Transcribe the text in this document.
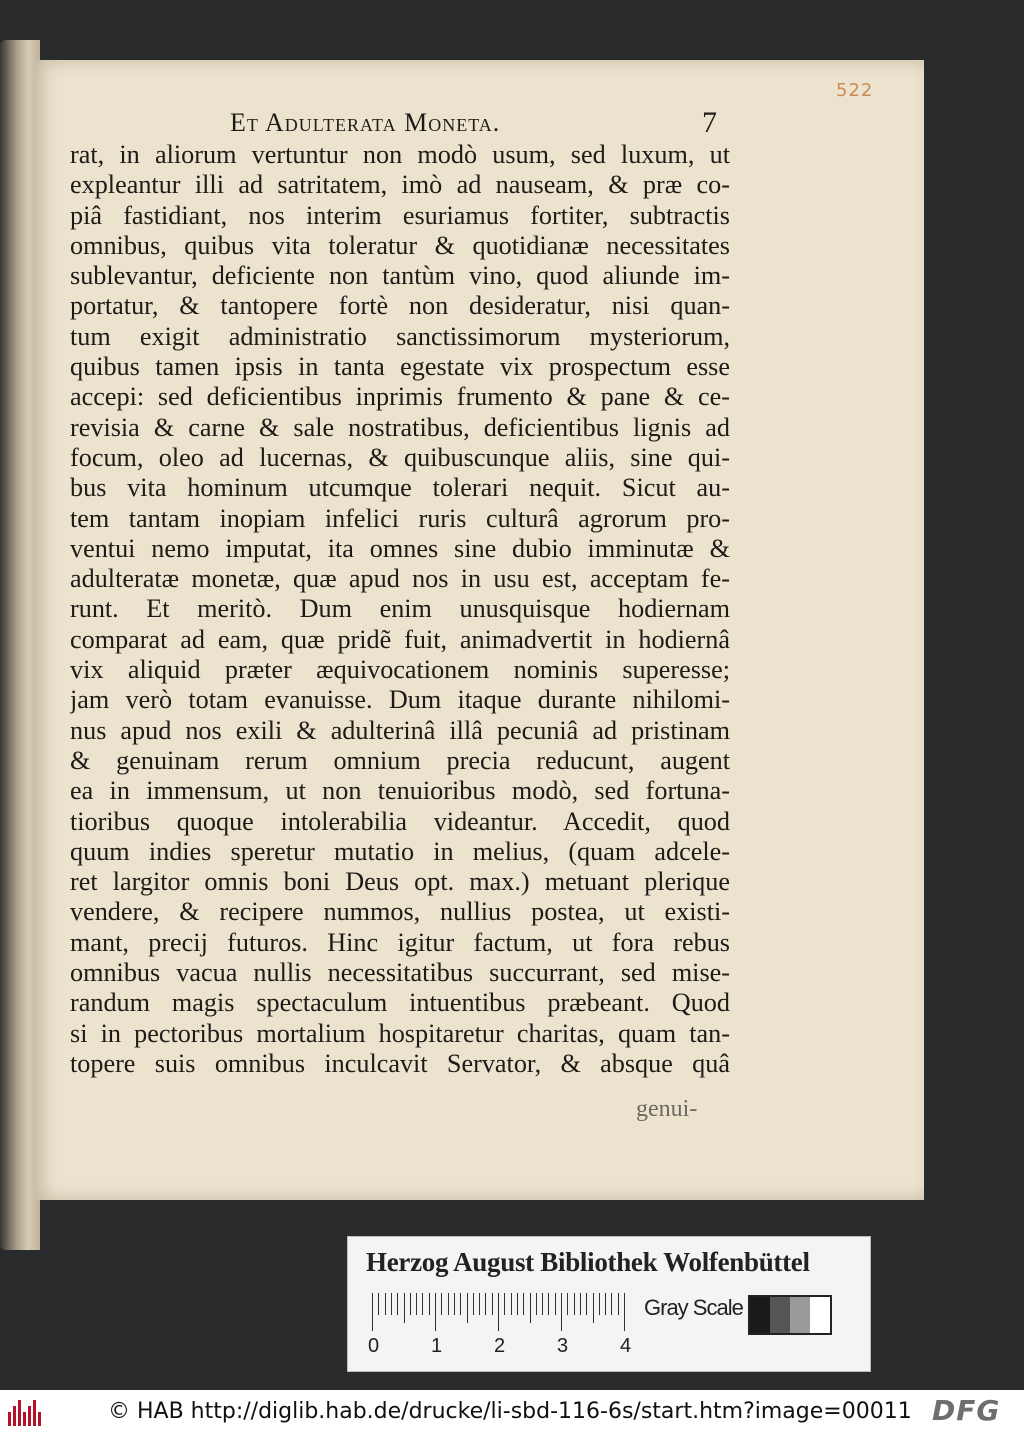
522
Et Adulterata Moneta.	7
rat, in aliorum vertuntur non modò usum, sed luxum, ut
expleantur illi ad satritatem, imò ad nauseam, & præ co-
piâ fastidiant, nos interim esuriamus fortiter, subtractis
omnibus, quibus vita toleratur & quotidianæ necessitates
sublevantur, deficiente non tantùm vino, quod aliunde im-
portatur, & tantopere fortè non desideratur, nisi quan-
tum exigit administratio sanctissimorum mysteriorum,
quibus tamen ipsis in tanta egestate vix prospectum esse
accepi: sed deficientibus inprimis frumento & pane & ce-
revisia & carne & sale nostratibus, deficientibus lignis ad
focum, oleo ad lucernas, & quibuscunque aliis, sine qui-
bus vita hominum utcumque tolerari nequit. Sicut au-
tem tantam inopiam infelici ruris culturâ agrorum pro-
ventui nemo imputat, ita omnes sine dubio imminutæ &
adulteratæ monetæ, quæ apud nos in usu est, acceptam fe-
runt. Et meritò. Dum enim unusquisque hodiernam
comparat ad eam, quæ pridẽ fuit, animadvertit in hodiernâ
vix aliquid præter æquivocationem nominis superesse;
jam verò totam evanuisse. Dum itaque durante nihilomi-
nus apud nos exili & adulterinâ illâ pecuniâ ad pristinam
& genuinam rerum omnium precia reducunt, augent
ea in immensum, ut non tenuioribus modò, sed fortuna-
tioribus quoque intolerabilia videantur. Accedit, quod
quum indies speretur mutatio in melius, (quam adcele-
ret largitor omnis boni Deus opt. max.) metuant plerique
vendere, & recipere nummos, nullius postea, ut existi-
mant, precij futuros. Hinc igitur factum, ut fora rebus
omnibus vacua nullis necessitatibus succurrant, sed mise-
randum magis spectaculum intuentibus præbeant. Quod
si in pectoribus mortalium hospitaretur charitas, quam tan-
topere suis omnibus inculcavit Servator, & absque quâ
genui-
Herzog August Bibliothek Wolfenbüttel
0	1	2	3	4
Gray Scale
© HAB http://diglib.hab.de/drucke/li-sbd-116-6s/start.htm?image=00011 DFG
